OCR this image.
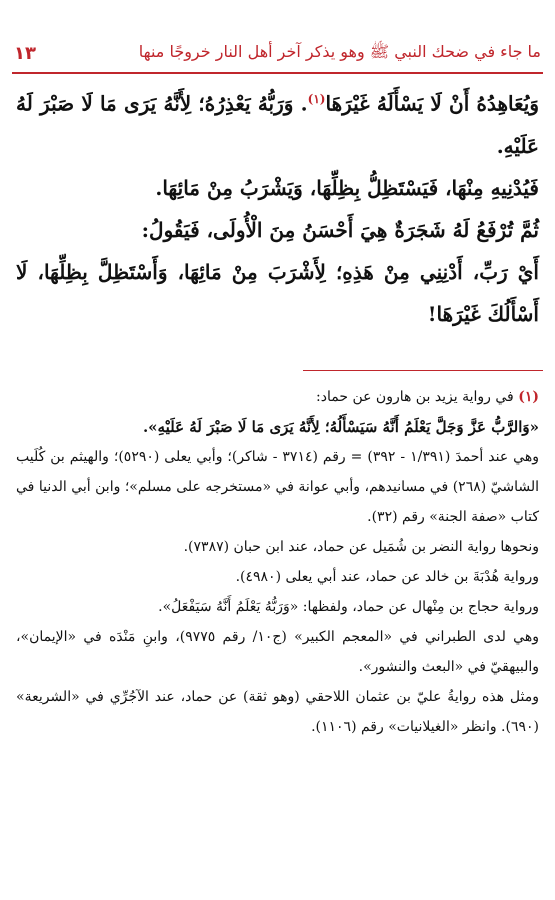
ما جاء في ضحك النبي ﷺ وهو يذكر آخر أهل النار خروجًا منها
١٣

وَيُعَاهِدُهُ أَنْ لَا يَسْأَلَهُ غَيْرَهَا$^{(١)}$. وَرَبُّهُ يَعْذِرُهُ؛ لِأَنَّهُ يَرَى مَا لَا صَبْرَ لَهُ عَلَيْهِ.

فَيُدْنِيهِ مِنْهَا، فَيَسْتَظِلُّ بِظِلِّهَا، وَيَشْرَبُ مِنْ مَائِهَا.

ثُمَّ تُرْفَعُ لَهُ شَجَرَةٌ هِيَ أَحْسَنُ مِنَ الْأُولَى، فَيَقُولُ:

أَيْ رَبِّ، أَدْنِنِي مِنْ هَذِهِ؛ لِأَشْرَبَ مِنْ مَائِهَا، وَأَسْتَظِلَّ بِظِلِّهَا، لَا أَسْأَلُكَ غَيْرَهَا!

(١) في رواية يزيد بن هارون عن حماد:

«وَالرَّبُّ عَزَّ وَجَلَّ يَعْلَمُ أَنَّهُ سَيَسْأَلُهُ؛ لِأَنَّهُ يَرَى مَا لَا صَبْرَ لَهُ عَلَيْهِ».

وهي عند أحمدَ (١/٣٩١ - ٣٩٢) = رقم (٣٧١٤ - شاكر)؛ وأبي يعلى (٥٢٩٠)؛ والهيثم بن كُلَيب الشاشيّ (٢٦٨) في مسانيدهم، وأبي عوانة في «مستخرجه على مسلم»؛ وابن أبي الدنيا في كتاب «صفة الجنة» رقم (٣٢).

ونحوها رواية النضر بن شُمَيل عن حماد، عند ابن حبان (٧٣٨٧).

ورواية هُدْبَةَ بن خالد عن حماد، عند أبي يعلى (٤٩٨٠).

ورواية حجاج بن مِنْهال عن حماد، ولفظها: «وَرَبُّهُ يَعْلَمُ أَنَّهُ سَيَفْعَلُ».

وهي لدى الطبراني في «المعجم الكبير» (ج١٠/ رقم ٩٧٧٥)، وابنِ مَنْدَه في «الإيمان»، والبيهقيّ في «البعث والنشور».

ومثل هذه روايةُ عليّ بن عثمان اللاحقي (وهو ثقة) عن حماد، عند الآجُرِّي في «الشريعة» (٦٩٠). وانظر «الغيلانيات» رقم (١١٠٦).
